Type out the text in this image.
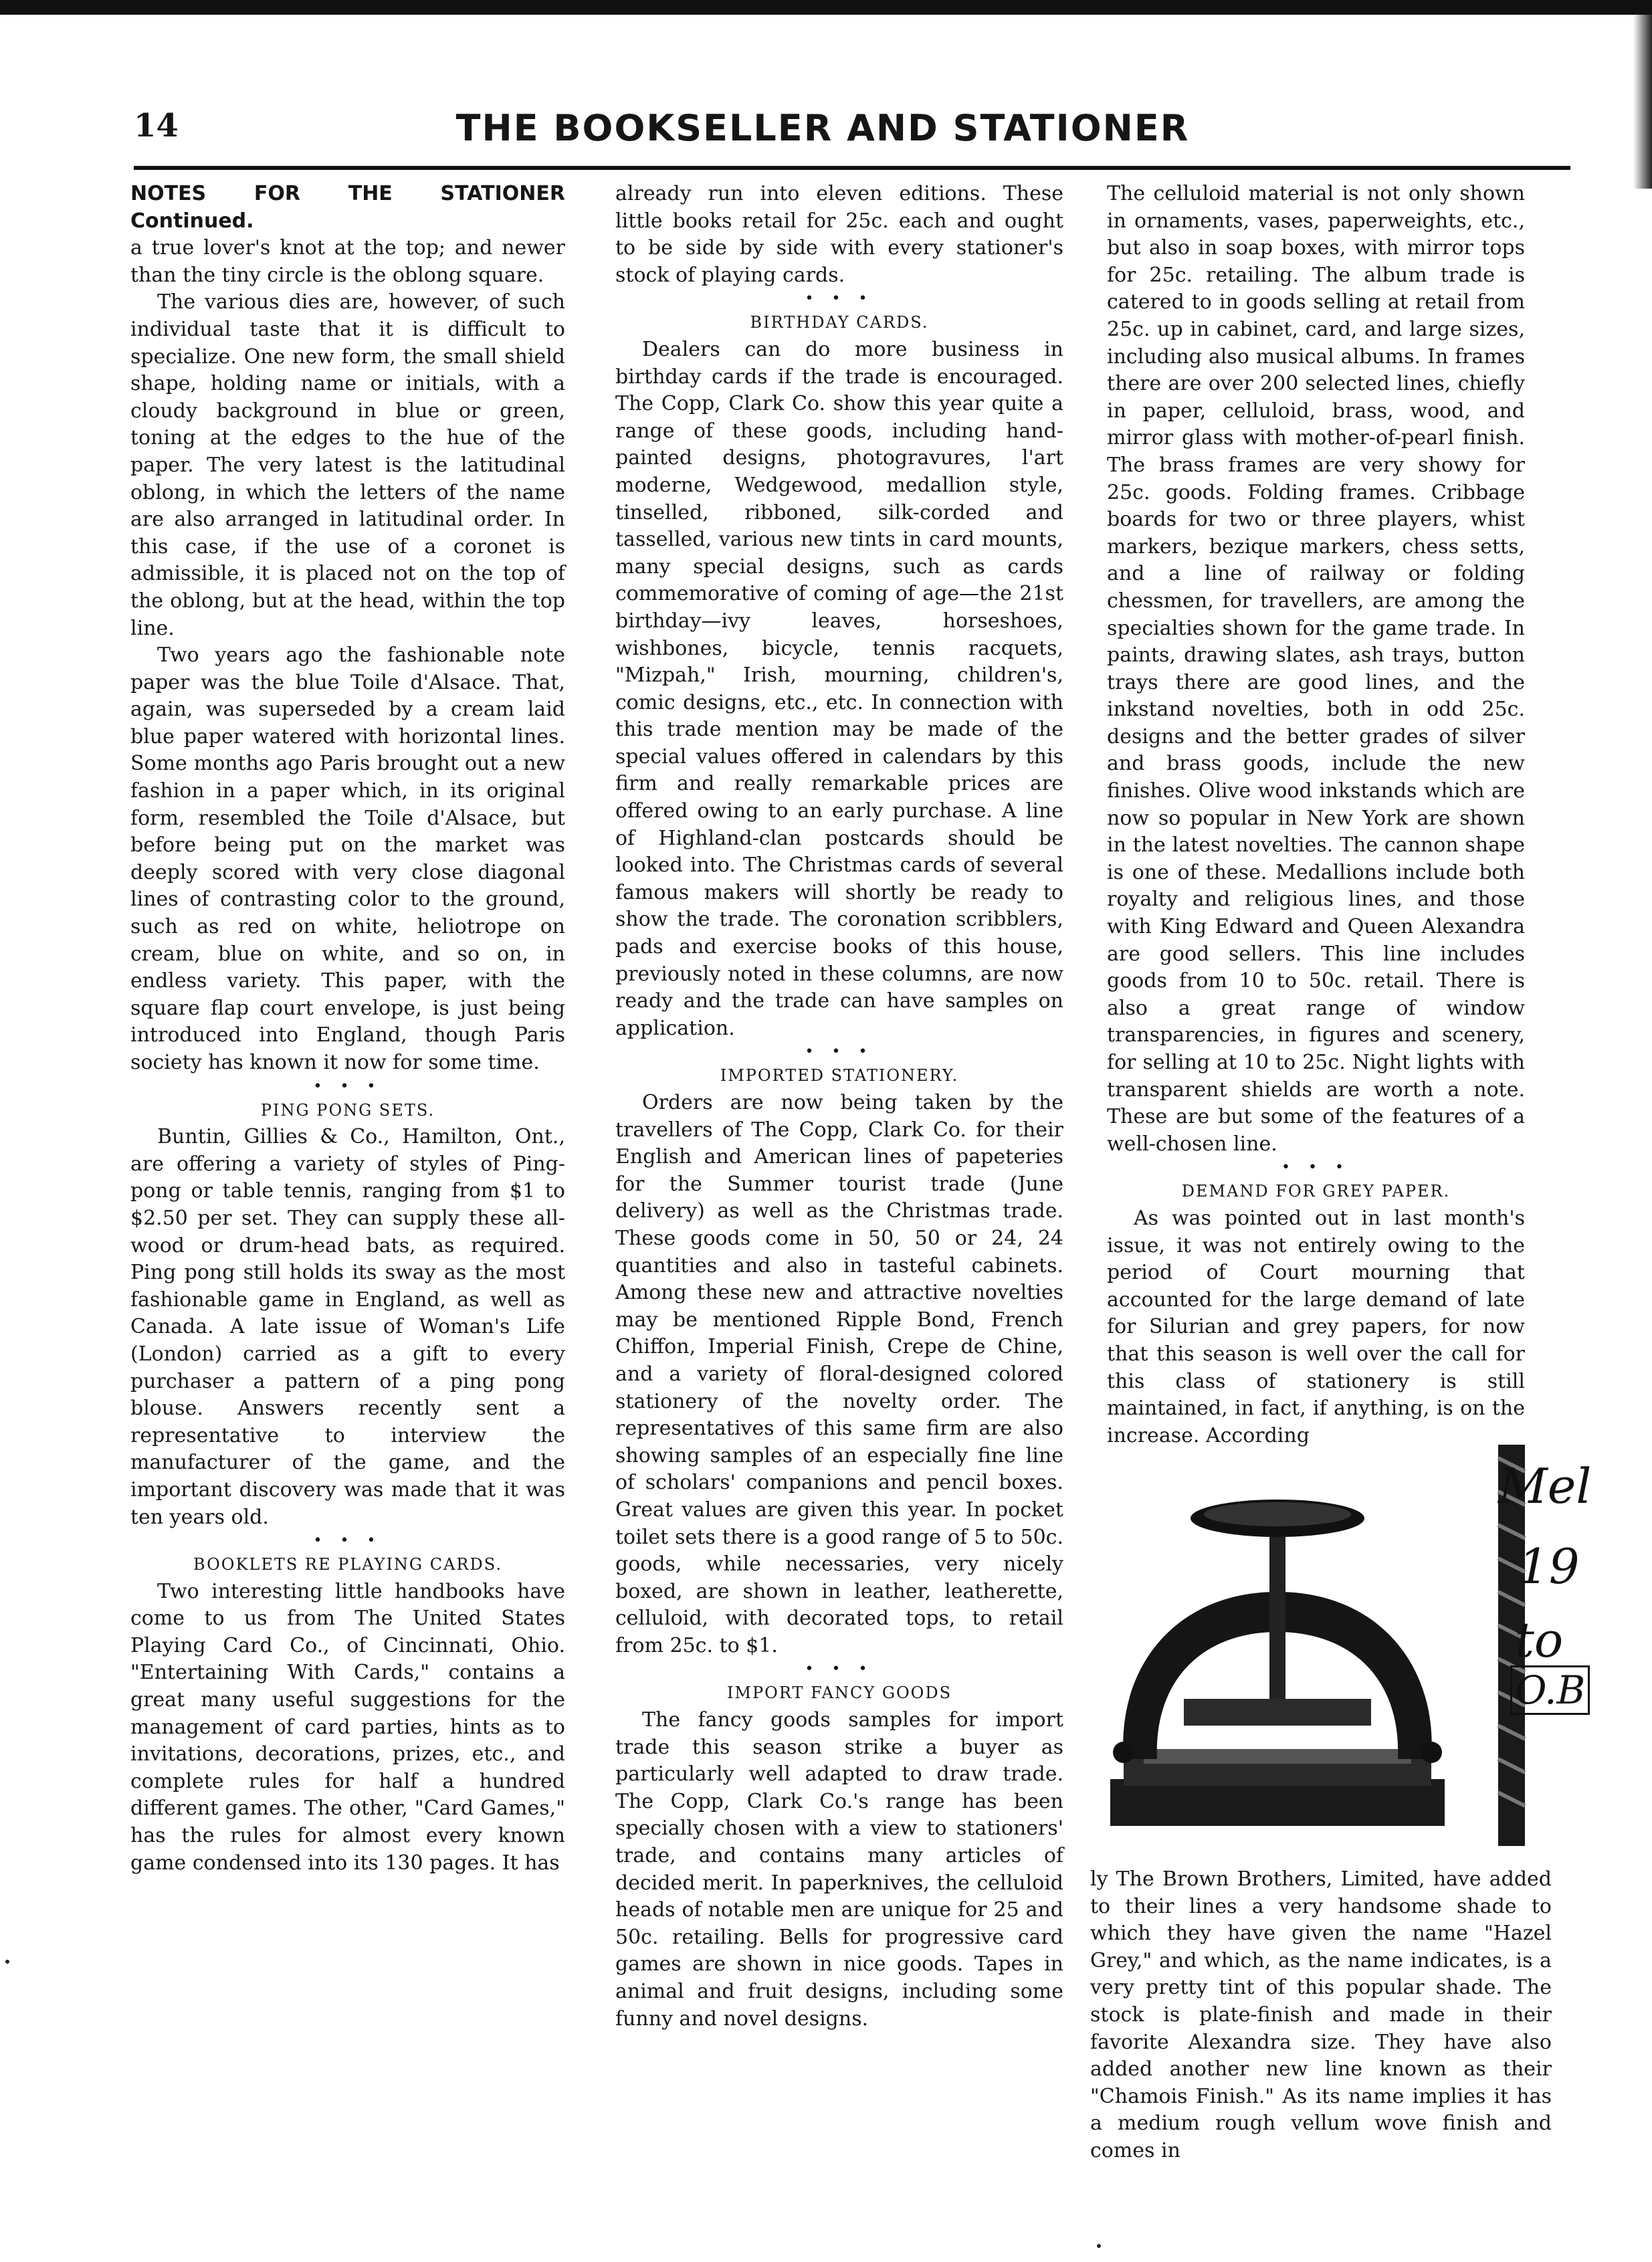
14	THE BOOKSELLER AND STATIONER

NOTES FOR THE STATIONER Continued.

a true lover's knot at the top; and newer than the tiny circle is the oblong square.

The various dies are, however, of such individual taste that it is difficult to specialize. One new form, the small shield shape, holding name or initials, with a cloudy background in blue or green, toning at the edges to the hue of the paper. The very latest is the latitudinal oblong, in which the letters of the name are also arranged in latitudinal order. In this case, if the use of a coronet is admissible, it is placed not on the top of the oblong, but at the head, within the top line.

Two years ago the fashionable note paper was the blue Toile d'Alsace. That, again, was superseded by a cream laid blue paper watered with horizontal lines. Some months ago Paris brought out a new fashion in a paper which, in its original form, resembled the Toile d'Alsace, but before being put on the market was deeply scored with very close diagonal lines of contrasting color to the ground, such as red on white, heliotrope on cream, blue on white, and so on, in endless variety. This paper, with the square flap court envelope, is just being introduced into England, though Paris society has known it now for some time.

• • •

PING PONG SETS.

Buntin, Gillies & Co., Hamilton, Ont., are offering a variety of styles of Ping-pong or table tennis, ranging from $1 to $2.50 per set. They can supply these all-wood or drum-head bats, as required. Ping pong still holds its sway as the most fashionable game in England, as well as Canada. A late issue of Woman's Life (London) carried as a gift to every purchaser a pattern of a ping pong blouse. Answers recently sent a representative to interview the manufacturer of the game, and the important discovery was made that it was ten years old.

• • •

BOOKLETS RE PLAYING CARDS.

Two interesting little handbooks have come to us from The United States Playing Card Co., of Cincinnati, Ohio. "Entertaining With Cards," contains a great many useful suggestions for the management of card parties, hints as to invitations, decorations, prizes, etc., and complete rules for half a hundred different games. The other, "Card Games," has the rules for almost every known game condensed into its 130 pages. It has

already run into eleven editions. These little books retail for 25c. each and ought to be side by side with every stationer's stock of playing cards.

• • •

BIRTHDAY CARDS.

Dealers can do more business in birthday cards if the trade is encouraged. The Copp, Clark Co. show this year quite a range of these goods, including hand-painted designs, photogravures, l'art moderne, Wedgewood, medallion style, tinselled, ribboned, silk-corded and tasselled, various new tints in card mounts, many special designs, such as cards commemorative of coming of age—the 21st birthday—ivy leaves, horseshoes, wishbones, bicycle, tennis racquets, "Mizpah," Irish, mourning, children's, comic designs, etc., etc. In connection with this trade mention may be made of the special values offered in calendars by this firm and really remarkable prices are offered owing to an early purchase. A line of Highland-clan postcards should be looked into. The Christmas cards of several famous makers will shortly be ready to show the trade. The coronation scribblers, pads and exercise books of this house, previously noted in these columns, are now ready and the trade can have samples on application.

• • •

IMPORTED STATIONERY.

Orders are now being taken by the travellers of The Copp, Clark Co. for their English and American lines of papeteries for the Summer tourist trade (June delivery) as well as the Christmas trade. These goods come in 50, 50 or 24, 24 quantities and also in tasteful cabinets. Among these new and attractive novelties may be mentioned Ripple Bond, French Chiffon, Imperial Finish, Crepe de Chine, and a variety of floral-designed colored stationery of the novelty order. The representatives of this same firm are also showing samples of an especially fine line of scholars' companions and pencil boxes. Great values are given this year. In pocket toilet sets there is a good range of 5 to 50c. goods, while necessaries, very nicely boxed, are shown in leather, leatherette, celluloid, with decorated tops, to retail from 25c. to $1.

• • •

IMPORT FANCY GOODS

The fancy goods samples for import trade this season strike a buyer as particularly well adapted to draw trade. The Copp, Clark Co.'s range has been specially chosen with a view to stationers' trade, and contains many articles of decided merit. In paperknives, the celluloid heads of notable men are unique for 25 and 50c. retailing. Bells for progressive card games are shown in nice goods. Tapes in animal and fruit designs, including some funny and novel designs.

The celluloid material is not only shown in ornaments, vases, paperweights, etc., but also in soap boxes, with mirror tops for 25c. retailing. The album trade is catered to in goods selling at retail from 25c. up in cabinet, card, and large sizes, including also musical albums. In frames there are over 200 selected lines, chiefly in paper, celluloid, brass, wood, and mirror glass with mother-of-pearl finish. The brass frames are very showy for 25c. goods. Folding frames. Cribbage boards for two or three players, whist markers, bezique markers, chess setts, and a line of railway or folding chessmen, for travellers, are among the specialties shown for the game trade. In paints, drawing slates, ash trays, button trays there are good lines, and the inkstand novelties, both in odd 25c. designs and the better grades of silver and brass goods, include the new finishes. Olive wood inkstands which are now so popular in New York are shown in the latest novelties. The cannon shape is one of these. Medallions include both royalty and religious lines, and those with King Edward and Queen Alexandra are good sellers. This line includes goods from 10 to 50c. retail. There is also a great range of window transparencies, in figures and scenery, for selling at 10 to 25c. Night lights with transparent shields are worth a note. These are but some of the features of a well-chosen line.

• • •

DEMAND FOR GREY PAPER.

As was pointed out in last month's issue, it was not entirely owing to the period of Court mourning that accounted for the large demand of late for Silurian and grey papers, for now that this season is well over the call for this class of stationery is still maintained, in fact, if anything, is on the increase. According

Mel
19
to
O.B

ly The Brown Brothers, Limited, have added to their lines a very handsome shade to which they have given the name "Hazel Grey," and which, as the name indicates, is a very pretty tint of this popular shade. The stock is plate-finish and made in their favorite Alexandra size. They have also added another new line known as their "Chamois Finish." As its name implies it has a medium rough vellum wove finish and comes in
